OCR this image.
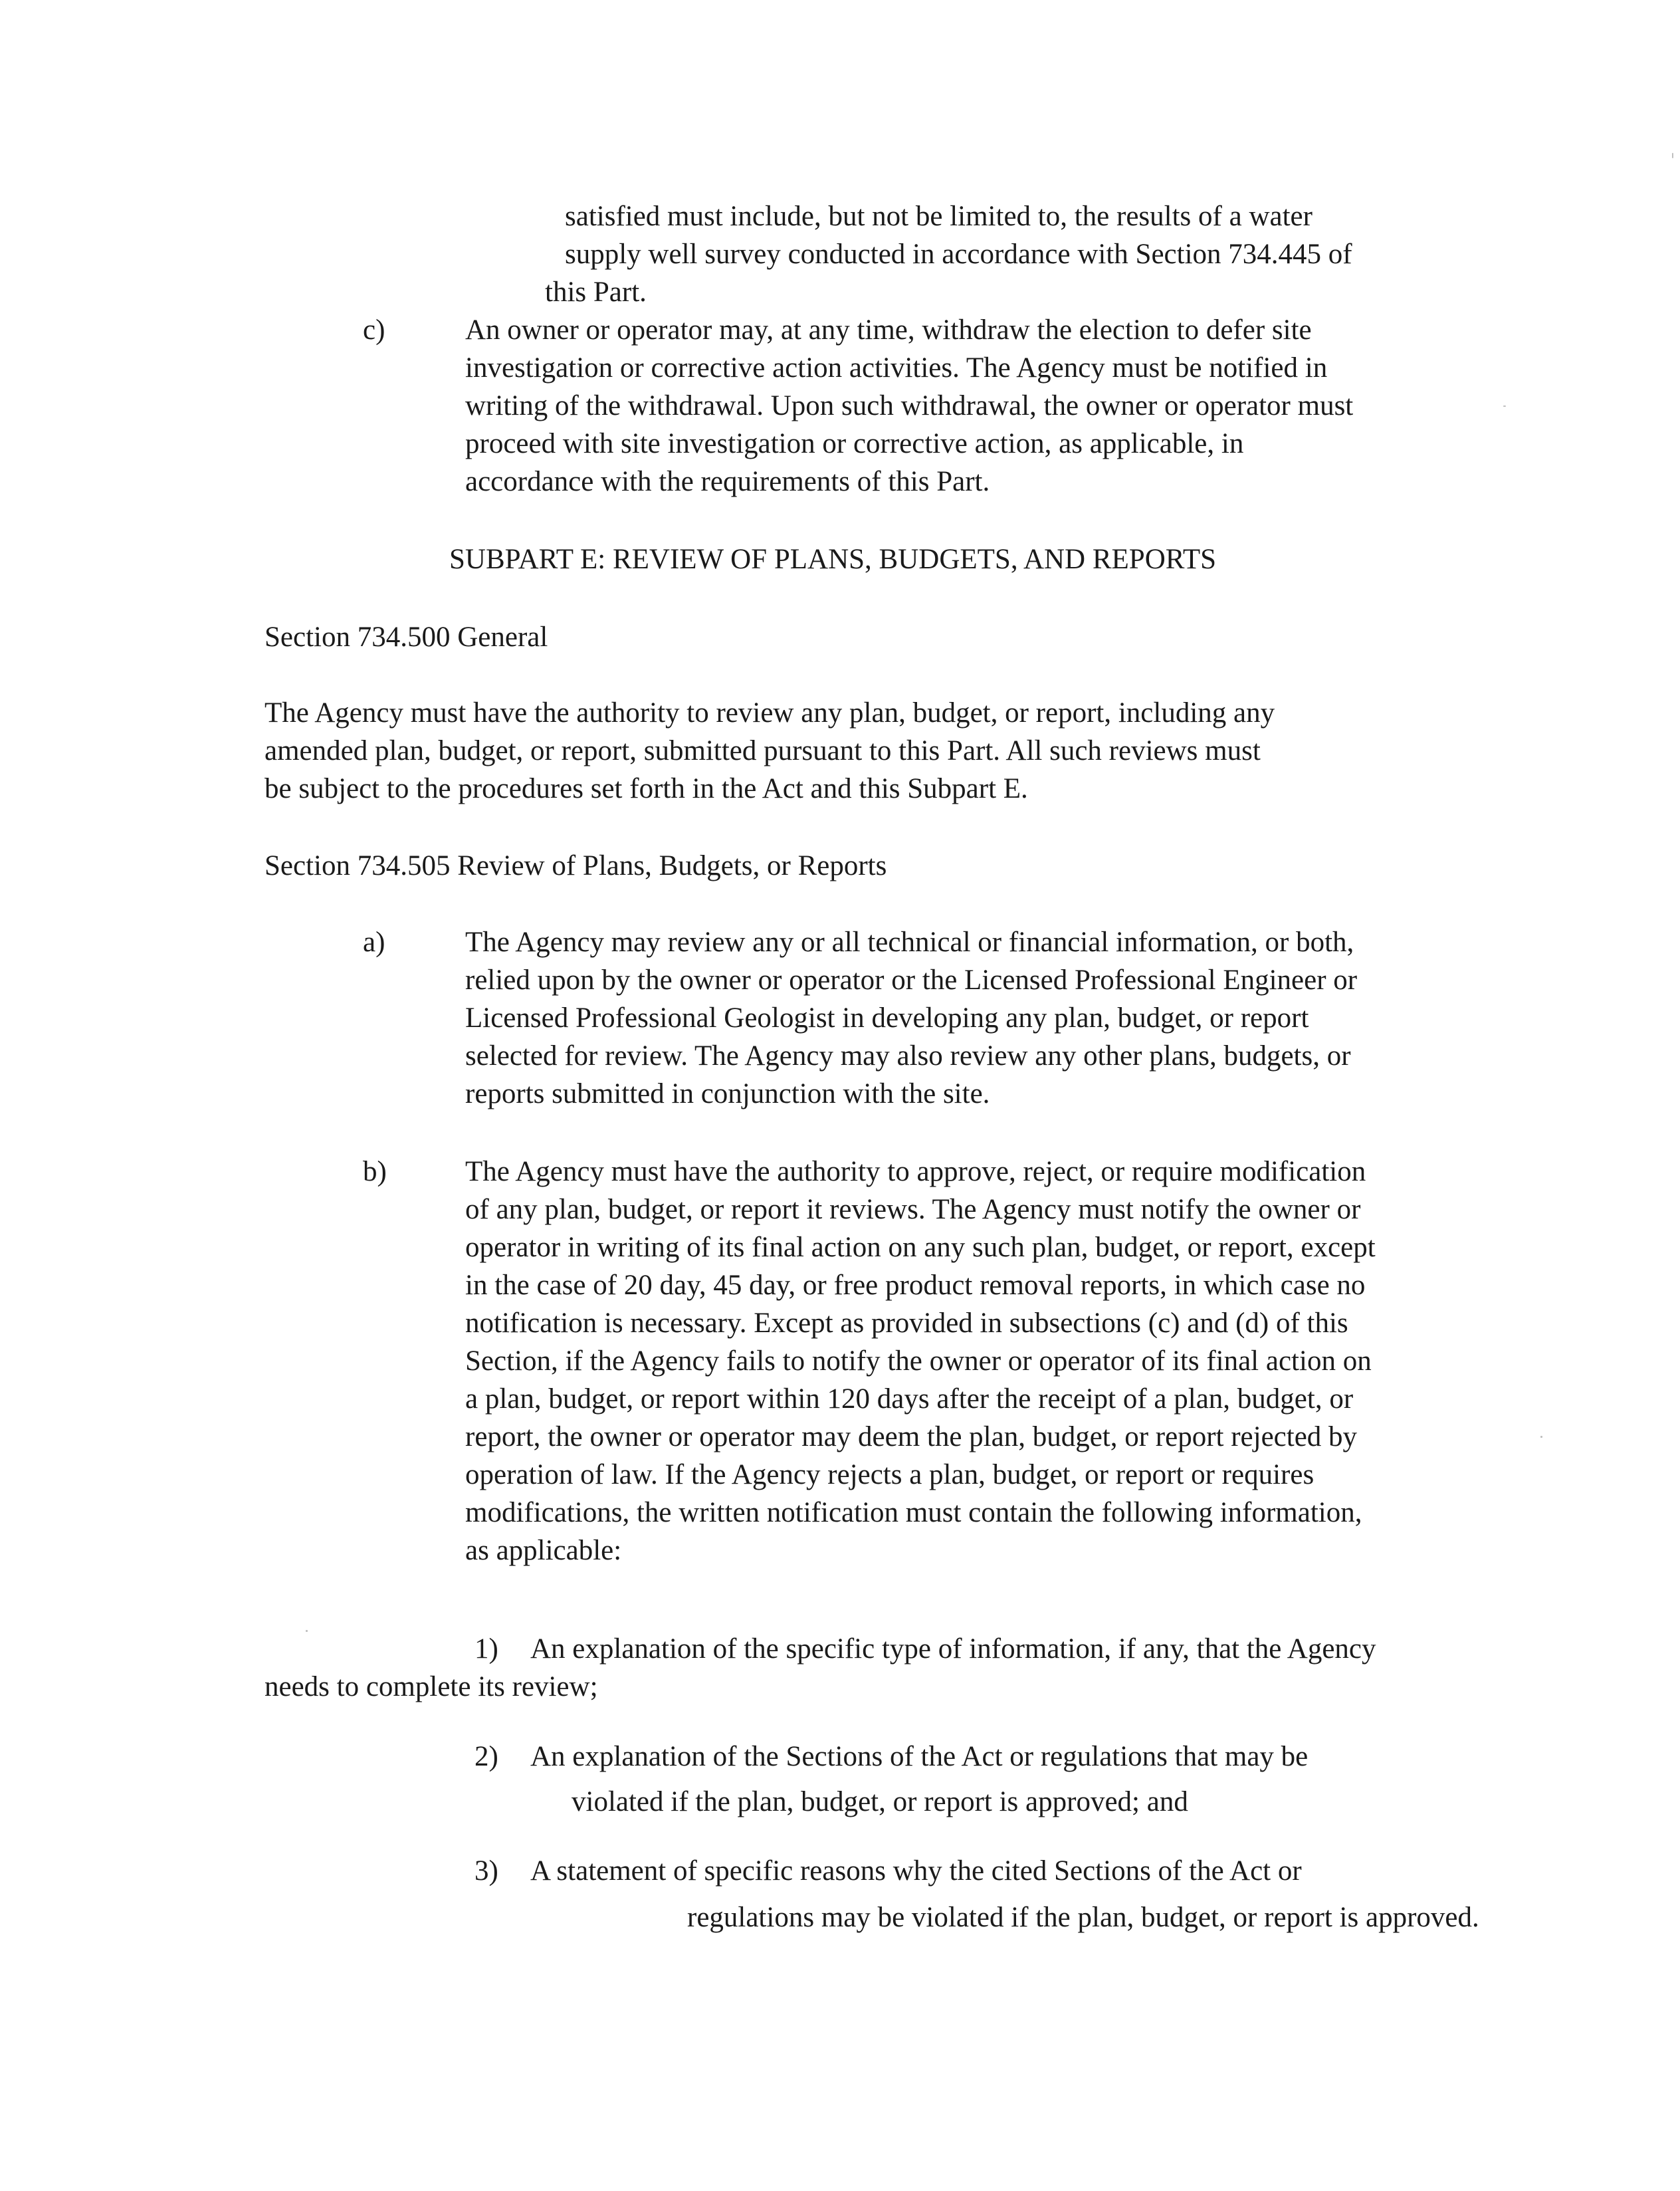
satisfied must include, but not be limited to, the results of a water

supply well survey conducted in accordance with Section 734.445 of

this Part.

c)	An owner or operator may, at any time, withdraw the election to defer site

investigation or corrective action activities. The Agency must be notified in

writing of the withdrawal. Upon such withdrawal, the owner or operator must

proceed with site investigation or corrective action, as applicable, in

accordance with the requirements of this Part.

SUBPART E: REVIEW OF PLANS, BUDGETS, AND REPORTS

Section 734.500 General

The Agency must have the authority to review any plan, budget, or report, including any

amended plan, budget, or report, submitted pursuant to this Part. All such reviews must

be subject to the procedures set forth in the Act and this Subpart E.

Section 734.505 Review of Plans, Budgets, or Reports

a)	The Agency may review any or all technical or financial information, or both,

relied upon by the owner or operator or the Licensed Professional Engineer or

Licensed Professional Geologist in developing any plan, budget, or report

selected for review. The Agency may also review any other plans, budgets, or

reports submitted in conjunction with the site.

b)	The Agency must have the authority to approve, reject, or require modification

of any plan, budget, or report it reviews. The Agency must notify the owner or

operator in writing of its final action on any such plan, budget, or report, except

in the case of 20 day, 45 day, or free product removal reports, in which case no

notification is necessary. Except as provided in subsections (c) and (d) of this

Section, if the Agency fails to notify the owner or operator of its final action on

a plan, budget, or report within 120 days after the receipt of a plan, budget, or

report, the owner or operator may deem the plan, budget, or report rejected by

operation of law. If the Agency rejects a plan, budget, or report or requires

modifications, the written notification must contain the following information,

as applicable:

1) An explanation of the specific type of information, if any, that the Agency

needs to complete its review;

2) An explanation of the Sections of the Act or regulations that may be

violated if the plan, budget, or report is approved; and

3) A statement of specific reasons why the cited Sections of the Act or

regulations may be violated if the plan, budget, or report is approved.
